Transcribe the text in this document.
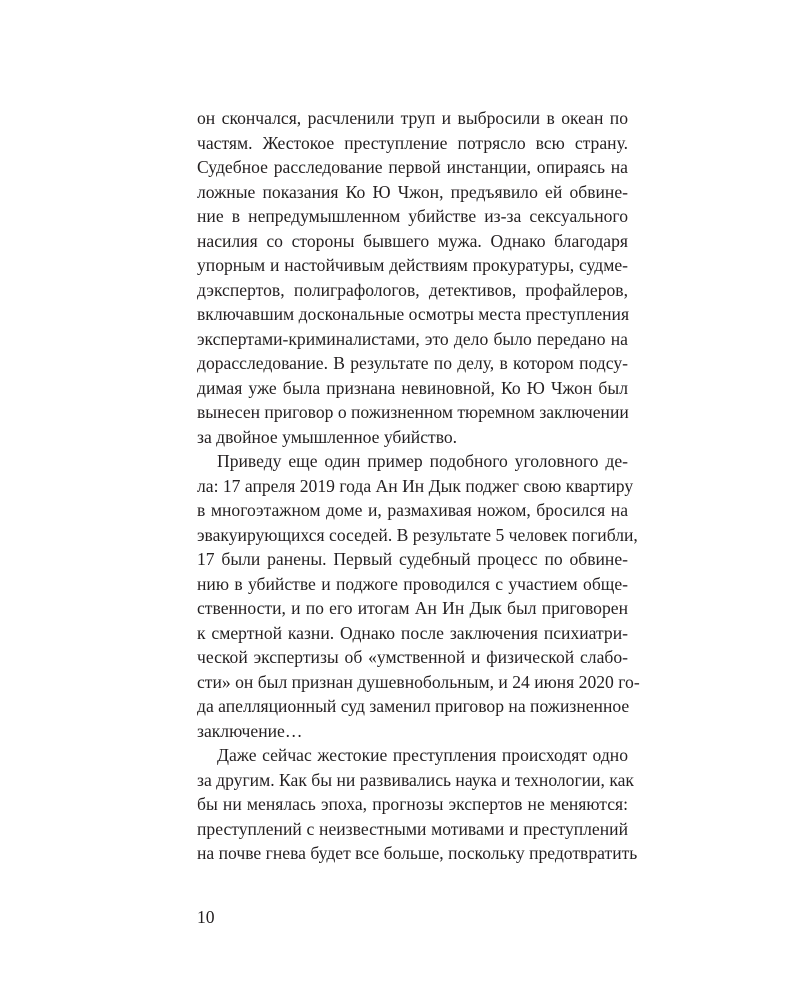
он скончался, расчленили труп и выбросили в океан по
частям. Жестокое преступление потрясло всю страну.
Судебное расследование первой инстанции, опираясь на
ложные показания Ко Ю Чжон, предъявило ей обвине-
ние в непредумышленном убийстве из-за сексуального
насилия со стороны бывшего мужа. Однако благодаря
упорным и настойчивым действиям прокуратуры, судме-
дэкспертов, полиграфологов, детективов, профайлеров,
включавшим доскональные осмотры места преступления
экспертами-криминалистами, это дело было передано на
дорасследование. В результате по делу, в котором подсу-
димая уже была признана невиновной, Ко Ю Чжон был
вынесен приговор о пожизненном тюремном заключении
за двойное умышленное убийство.
Приведу еще один пример подобного уголовного де-
ла: 17 апреля 2019 года Ан Ин Дык поджег свою квартиру
в многоэтажном доме и, размахивая ножом, бросился на
эвакуирующихся соседей. В результате 5 человек погибли,
17 были ранены. Первый судебный процесс по обвине-
нию в убийстве и поджоге проводился с участием обще-
ственности, и по его итогам Ан Ин Дык был приговорен
к смертной казни. Однако после заключения психиатри-
ческой экспертизы об «умственной и физической слабо-
сти» он был признан душевнобольным, и 24 июня 2020 го-
да апелляционный суд заменил приговор на пожизненное
заключение…
Даже сейчас жестокие преступления происходят одно
за другим. Как бы ни развивались наука и технологии, как
бы ни менялась эпоха, прогнозы экспертов не меняются:
преступлений с неизвестными мотивами и преступлений
на почве гнева будет все больше, поскольку предотвратить
10
